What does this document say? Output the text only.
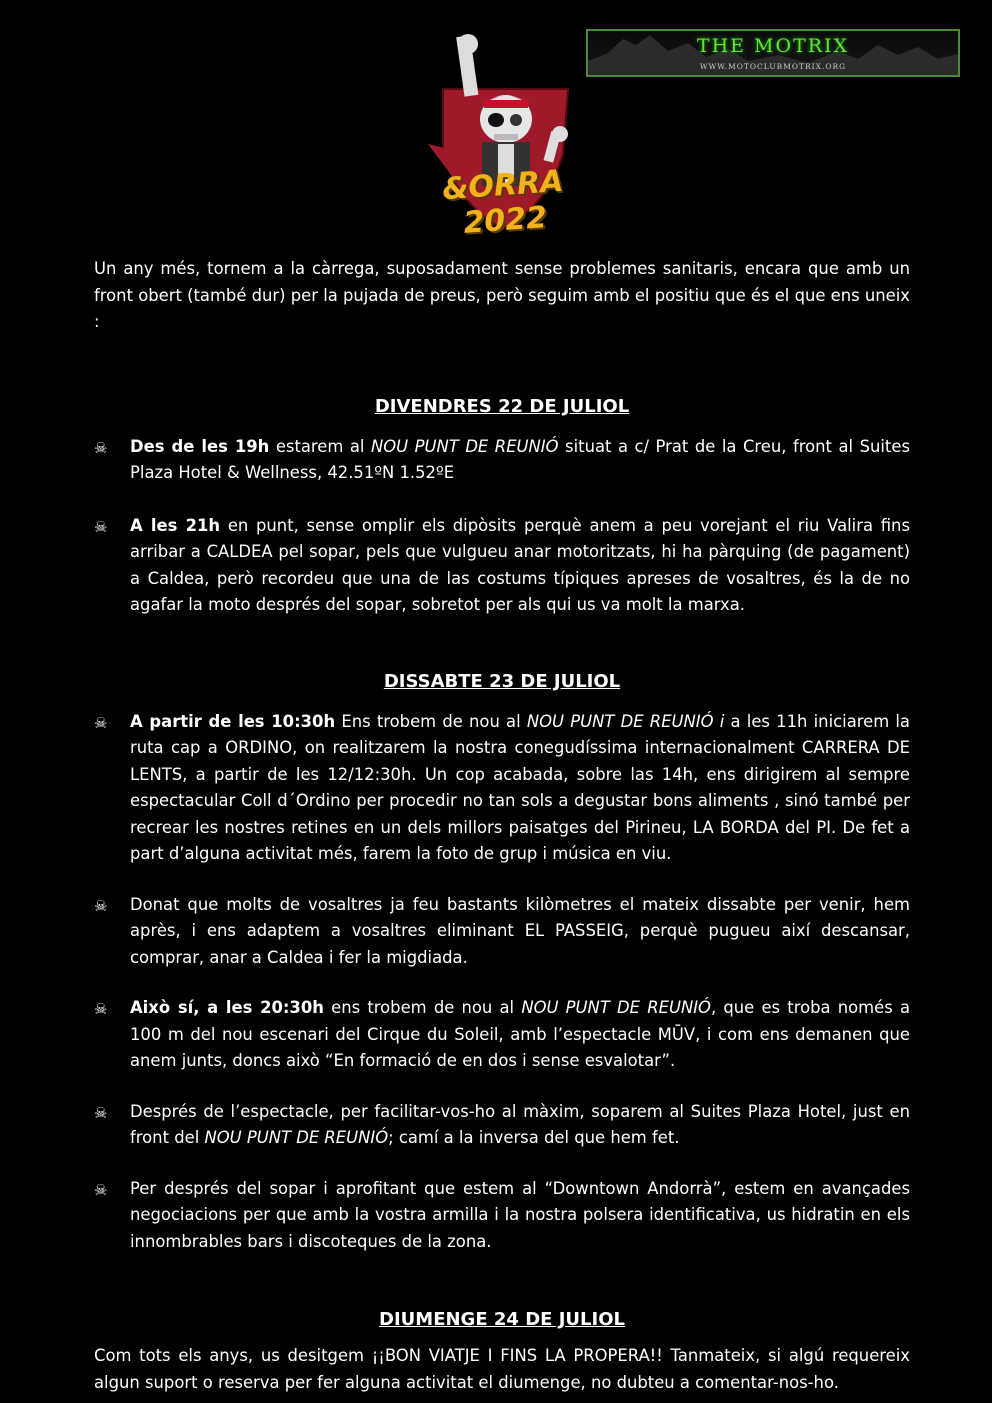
THE MOTRIX
WWW.MOTOCLUBMOTRIX.ORG
&ORRA 2022

Un any més, tornem a la càrrega, suposadament sense problemes sanitaris, encara que amb un front obert (també dur) per la pujada de preus, però seguim amb el positiu que és el que ens uneix :

DIVENDRES 22 DE JULIOL
☠ Des de les 19h estarem al NOU PUNT DE REUNIÓ situat a c/ Prat de la Creu, front al Suites Plaza Hotel & Wellness, 42.51ºN 1.52ºE
☠ A les 21h en punt, sense omplir els dipòsits perquè anem a peu vorejant el riu Valira fins arribar a CALDEA pel sopar, pels que vulgueu anar motoritzats, hi ha pàrquing (de pagament) a Caldea, però recordeu que una de las costums típiques apreses de vosaltres, és la de no agafar la moto després del sopar, sobretot per als qui us va molt la marxa.
DISSABTE 23 DE JULIOL
☠ A partir de les 10:30h Ens trobem de nou al NOU PUNT DE REUNIÓ i a les 11h iniciarem la ruta cap a ORDINO, on realitzarem la nostra conegudíssima internacionalment CARRERA DE LENTS, a partir de les 12/12:30h. Un cop acabada, sobre las 14h, ens dirigirem al sempre espectacular Coll d´Ordino per procedir no tan sols a degustar bons aliments , sinó també per recrear les nostres retines en un dels millors paisatges del Pirineu, LA BORDA del PI. De fet a part d’alguna activitat més, farem la foto de grup i música en viu.
☠ Donat que molts de vosaltres ja feu bastants kilòmetres el mateix dissabte per venir, hem après, i ens adaptem a vosaltres eliminant EL PASSEIG, perquè pugueu així descansar, comprar, anar a Caldea i fer la migdiada.
☠ Això sí, a les 20:30h ens trobem de nou al NOU PUNT DE REUNIÓ, que es troba només a 100 m del nou escenari del Cirque du Soleil, amb l’espectacle MŪV, i com ens demanen que anem junts, doncs això “En formació de en dos i sense esvalotar”.
☠ Després de l’espectacle, per facilitar-vos-ho al màxim, soparem al Suites Plaza Hotel, just en front del NOU PUNT DE REUNIÓ; camí a la inversa del que hem fet.
☠ Per després del sopar i aprofitant que estem al “Downtown Andorrà”, estem en avançades negociacions per que amb la vostra armilla i la nostra polsera identificativa, us hidratin en els innombrables bars i discoteques de la zona.
DIUMENGE 24 DE JULIOL

Com tots els anys, us desitgem ¡¡BON VIATJE I FINS LA PROPERA!! Tanmateix, si algú requereix algun suport o reserva per fer alguna activitat el diumenge, no dubteu a comentar-nos-ho.
